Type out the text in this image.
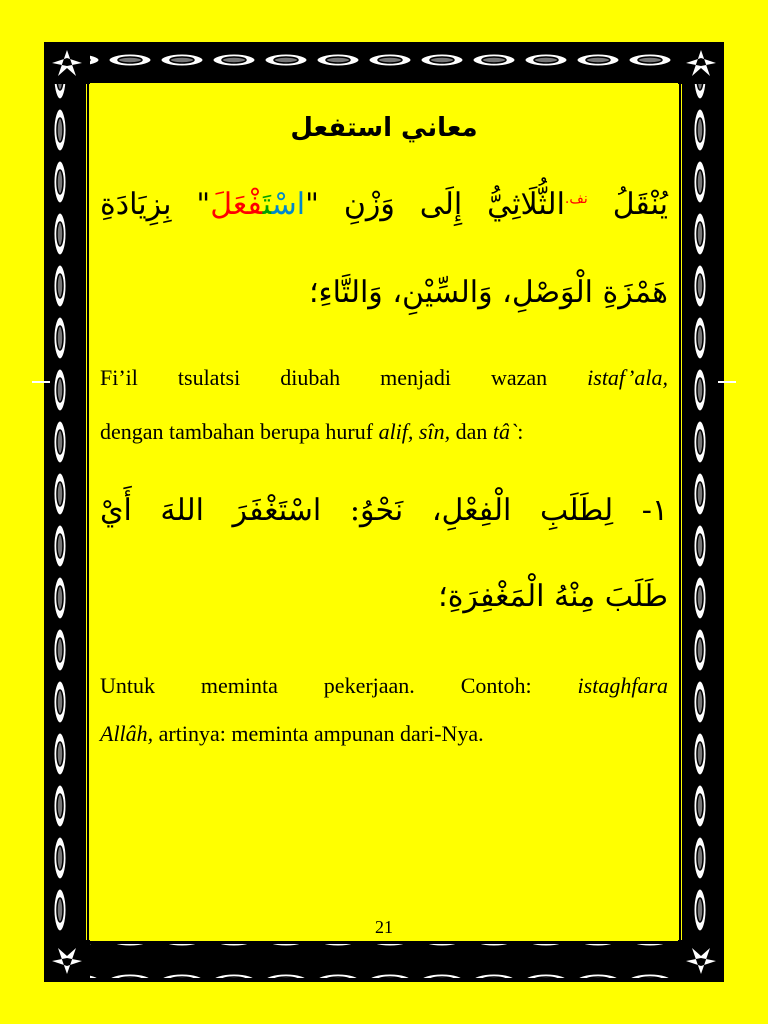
معاني استفعل
يُنْقَلُ $^{نف.}$الثُّلَاثِيُّ إِلَى وَزْنِ "اسْتَفْعَلَ" بِزِيَادَةِ
هَمْزَةِ الْوَصْلِ، وَالسِّيْنِ، وَالتَّاءِ؛
Fi’il tsulatsi diubah menjadi wazan istaf’ala,
dengan tambahan berupa huruf alif, sîn, dan tâ`:
١- لِطَلَبِ الْفِعْلِ، نَحْوُ: اسْتَغْفَرَ اللهَ أَيْ
طَلَبَ مِنْهُ الْمَغْفِرَةِ؛
Untuk meminta pekerjaan. Contoh: istaghfara
Allâh, artinya: meminta ampunan dari-Nya.
21
